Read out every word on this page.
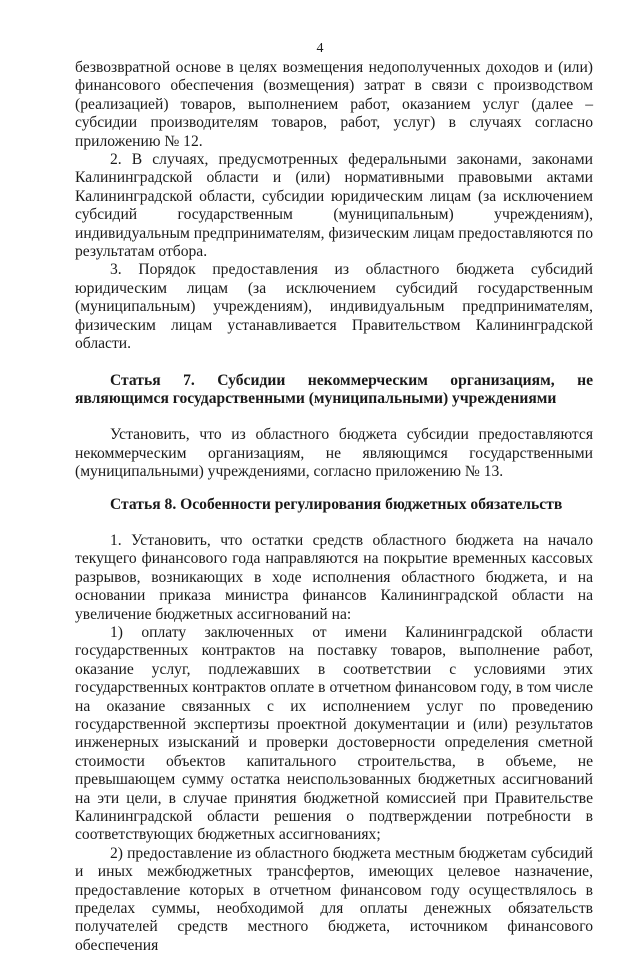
4

безвозвратной основе в целях возмещения недополученных доходов и (или) финансового обеспечения (возмещения) затрат в связи с производством (реализацией) товаров, выполнением работ, оказанием услуг (далее – субсидии производителям товаров, работ, услуг) в случаях согласно приложению № 12.

2. В случаях, предусмотренных федеральными законами, законами Калининградской области и (или) нормативными правовыми актами Калининградской области, субсидии юридическим лицам (за исключением субсидий государственным (муниципальным) учреждениям), индивидуальным предпринимателям, физическим лицам предоставляются по результатам отбора.

3. Порядок предоставления из областного бюджета субсидий юридическим лицам (за исключением субсидий государственным (муниципальным) учреждениям), индивидуальным предпринимателям, физическим лицам устанавливается Правительством Калининградской области.

Статья 7. Субсидии некоммерческим организациям, не являющимся государственными (муниципальными) учреждениями

Установить, что из областного бюджета субсидии предоставляются некоммерческим организациям, не являющимся государственными (муниципальными) учреждениями, согласно приложению № 13.

Статья 8. Особенности регулирования бюджетных обязательств

1. Установить, что остатки средств областного бюджета на начало текущего финансового года направляются на покрытие временных кассовых разрывов, возникающих в ходе исполнения областного бюджета, и на основании приказа министра финансов Калининградской области на увеличение бюджетных ассигнований на:

1) оплату заключенных от имени Калининградской области государственных контрактов на поставку товаров, выполнение работ, оказание услуг, подлежавших в соответствии с условиями этих государственных контрактов оплате в отчетном финансовом году, в том числе на оказание связанных с их исполнением услуг по проведению государственной экспертизы проектной документации и (или) результатов инженерных изысканий и проверки достоверности определения сметной стоимости объектов капитального строительства, в объеме, не превышающем сумму остатка неиспользованных бюджетных ассигнований на эти цели, в случае принятия бюджетной комиссией при Правительстве Калининградской области решения о подтверждении потребности в соответствующих бюджетных ассигнованиях;

2) предоставление из областного бюджета местным бюджетам субсидий и иных межбюджетных трансфертов, имеющих целевое назначение, предоставление которых в отчетном финансовом году осуществлялось в пределах суммы, необходимой для оплаты денежных обязательств получателей средств местного бюджета, источником финансового обеспечения
